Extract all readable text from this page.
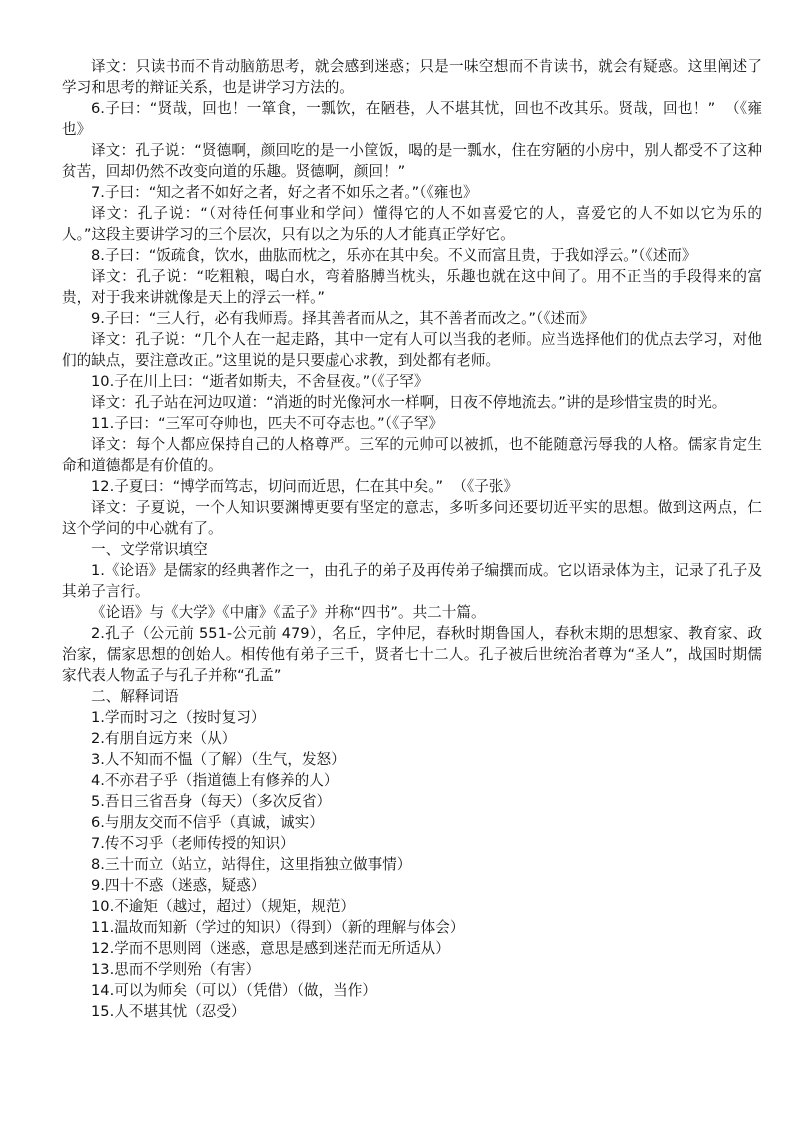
译文：只读书而不肯动脑筋思考，就会感到迷惑；只是一味空想而不肯读书，就会有疑惑。这里阐述了学习和思考的辩证关系，也是讲学习方法的。

6.子曰：“贤哉，回也！一箪食，一瓢饮，在陋巷，人不堪其忧，回也不改其乐。贤哉，回也！”  （《雍也》

译文：孔子说：“贤德啊，颜回吃的是一小筐饭，喝的是一瓢水，住在穷陋的小房中，别人都受不了这种贫苦，回却仍然不改变向道的乐趣。贤德啊，颜回！”

7.子曰：“知之者不如好之者，好之者不如乐之者。”（《雍也》

译文：孔子说：“（对待任何事业和学问）懂得它的人不如喜爱它的人，喜爱它的人不如以它为乐的人。”这段主要讲学习的三个层次，只有以之为乐的人才能真正学好它。

8.子曰：“饭疏食，饮水，曲肱而枕之，乐亦在其中矣。不义而富且贵，于我如浮云。”（《述而》

译文：孔子说：“吃粗粮，喝白水，弯着胳膊当枕头，乐趣也就在这中间了。用不正当的手段得来的富贵，对于我来讲就像是天上的浮云一样。”

9.子曰：“三人行，必有我师焉。择其善者而从之，其不善者而改之。”（《述而》

译文：孔子说：“几个人在一起走路，其中一定有人可以当我的老师。应当选择他们的优点去学习，对他们的缺点，要注意改正。”这里说的是只要虚心求教，到处都有老师。

10.子在川上曰：“逝者如斯夫，不舍昼夜。”（《子罕》

译文：孔子站在河边叹道：“消逝的时光像河水一样啊，日夜不停地流去。”讲的是珍惜宝贵的时光。

11.子曰：“三军可夺帅也，匹夫不可夺志也。”（《子罕》

译文：每个人都应保持自己的人格尊严。三军的元帅可以被抓，也不能随意污辱我的人格。儒家肯定生命和道德都是有价值的。

12.子夏曰：“博学而笃志，切问而近思，仁在其中矣。”  （《子张》

译文：子夏说，一个人知识要渊博更要有坚定的意志，多听多问还要切近平实的思想。做到这两点，仁这个学问的中心就有了。

一、文学常识填空

1.《论语》是儒家的经典著作之一，由孔子的弟子及再传弟子编撰而成。它以语录体为主，记录了孔子及其弟子言行。

《论语》与《大学》《中庸》《孟子》并称“四书”。共二十篇。

2.孔子（公元前 551-公元前 479），名丘，字仲尼，春秋时期鲁国人，春秋末期的思想家、教育家、政治家，儒家思想的创始人。相传他有弟子三千，贤者七十二人。孔子被后世统治者尊为“圣人”，战国时期儒家代表人物孟子与孔子并称“孔孟”

二、解释词语

1.学而时习之（按时复习）

2.有朋自远方来（从）

3.人不知而不愠（了解）（生气，发怒）

4.不亦君子乎（指道德上有修养的人）

5.吾日三省吾身（每天）（多次反省）

6.与朋友交而不信乎（真诚，诚实）

7.传不习乎（老师传授的知识）

8.三十而立（站立，站得住，这里指独立做事情）

9.四十不惑（迷惑，疑惑）

10.不逾矩（越过，超过）（规矩，规范）

11.温故而知新（学过的知识）（得到）（新的理解与体会）

12.学而不思则罔（迷惑，意思是感到迷茫而无所适从）

13.思而不学则殆（有害）

14.可以为师矣（可以）（凭借）（做，当作）

15.人不堪其忧（忍受）
